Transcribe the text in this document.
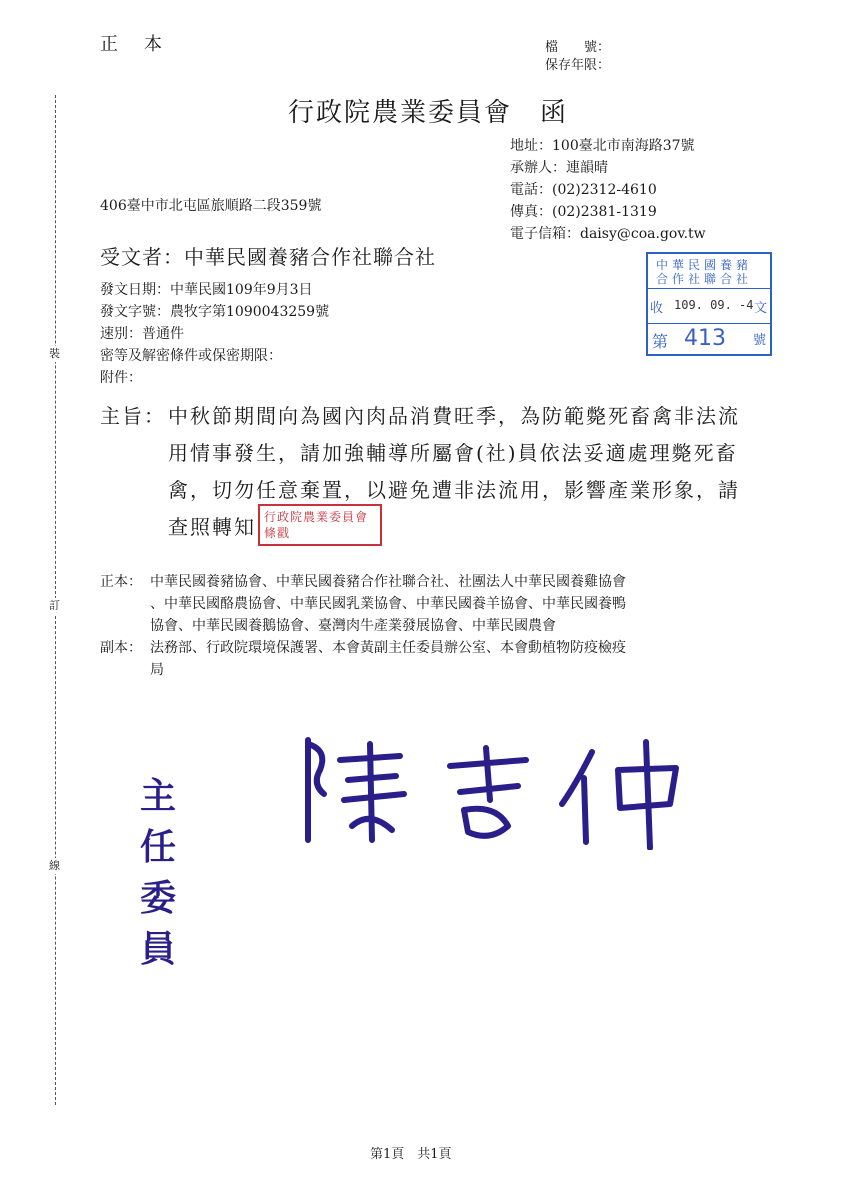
裝
訂
線
正　本	檔　　號：
保存年限：
行政院農業委員會　函
地址：100臺北市南海路37號
承辦人：連韻晴
電話：(02)2312-4610
傳真：(02)2381-1319
電子信箱：daisy@coa.gov.tw
406臺中市北屯區旅順路二段359號
受文者：中華民國養豬合作社聯合社
發文日期：中華民國109年9月3日
發文字號：農牧字第1090043259號
速別：普通件
密等及解密條件或保密期限：
附件：
中華民國養豬
合作社聯合社
收 109. 09. -4 文
第 413 號
主旨： 中秋節期間向為國內肉品消費旺季，為防範斃死畜禽非法流
用情事發生，請加強輔導所屬會(社)員依法妥適處理斃死畜
禽，切勿任意棄置，以避免遭非法流用，影響產業形象，請
查照轉知 行政院農業委員會條戳
正本： 中華民國養豬協會、中華民國養豬合作社聯合社、社團法人中華民國養雞協會
、中華民國酪農協會、中華民國乳業協會、中華民國養羊協會、中華民國養鴨
協會、中華民國養鵝協會、臺灣肉牛產業發展協會、中華民國農會
副本： 法務部、行政院環境保護署、本會黃副主任委員辦公室、本會動植物防疫檢疫
局
主任委員
陳吉仲
第1頁　共1頁
